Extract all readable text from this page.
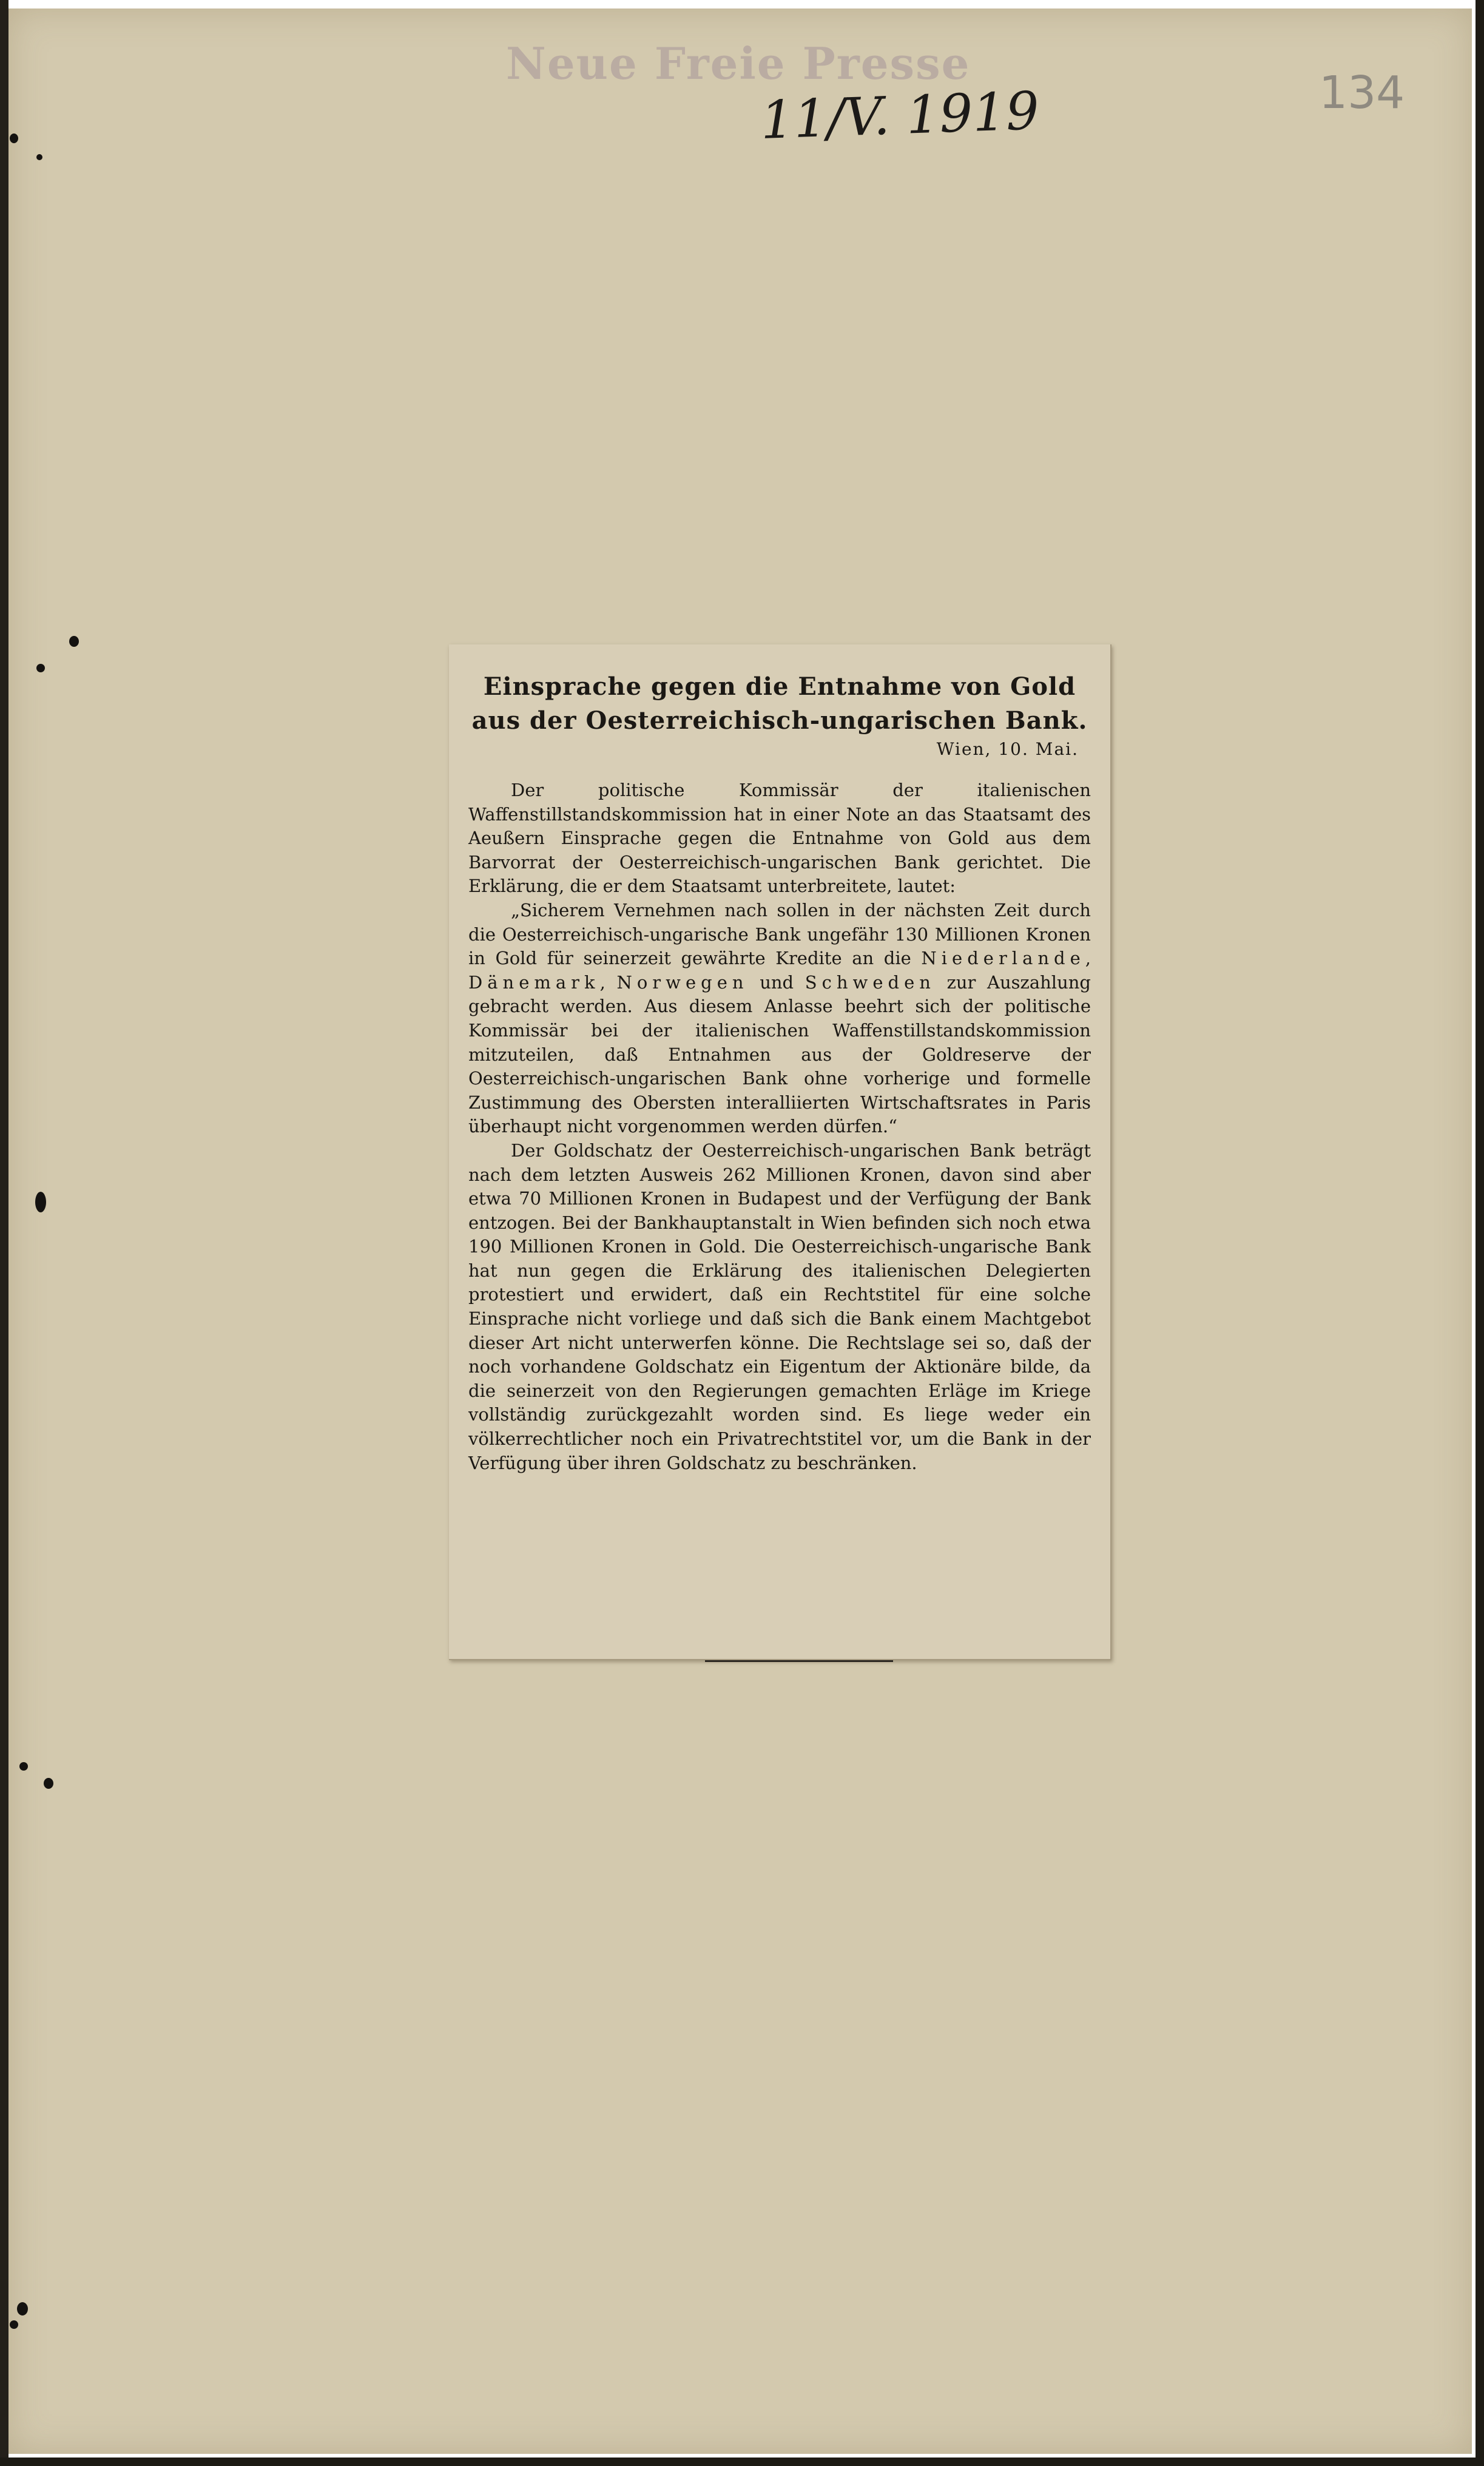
Neue Freie Presse
11/V. 1919	134
Einsprache gegen die Entnahme von Gold
aus der Oesterreichisch-ungarischen Bank.
Wien, 10. Mai.

Der politische Kommissär der italienischen Waffenstillstandskommission hat in einer Note an das Staatsamt des Aeußern Einsprache gegen die Entnahme von Gold aus dem Barvorrat der Oesterreichisch-ungarischen Bank gerichtet. Die Erklärung, die er dem Staatsamt unterbreitete, lautet:

„Sicherem Vernehmen nach sollen in der nächsten Zeit durch die Oesterreichisch-ungarische Bank ungefähr 130 Millionen Kronen in Gold für seinerzeit gewährte Kredite an die Niederlande, Dänemark, Norwegen und Schweden zur Auszahlung gebracht werden. Aus diesem Anlasse beehrt sich der politische Kommissär bei der italienischen Waffenstillstandskommission mitzuteilen, daß Entnahmen aus der Goldreserve der Oesterreichisch-ungarischen Bank ohne vorherige und formelle Zustimmung des Obersten interalliierten Wirtschaftsrates in Paris überhaupt nicht vorgenommen werden dürfen.“

Der Goldschatz der Oesterreichisch-ungarischen Bank beträgt nach dem letzten Ausweis 262 Millionen Kronen, davon sind aber etwa 70 Millionen Kronen in Budapest und der Verfügung der Bank entzogen. Bei der Bankhauptanstalt in Wien befinden sich noch etwa 190 Millionen Kronen in Gold. Die Oesterreichisch-ungarische Bank hat nun gegen die Erklärung des italienischen Delegierten protestiert und erwidert, daß ein Rechtstitel für eine solche Einsprache nicht vorliege und daß sich die Bank einem Machtgebot dieser Art nicht unterwerfen könne. Die Rechtslage sei so, daß der noch vorhandene Goldschatz ein Eigentum der Aktionäre bilde, da die seinerzeit von den Regierungen gemachten Erläge im Kriege vollständig zurückgezahlt worden sind. Es liege weder ein völkerrechtlicher noch ein Privatrechtstitel vor, um die Bank in der Verfügung über ihren Goldschatz zu beschränken.
